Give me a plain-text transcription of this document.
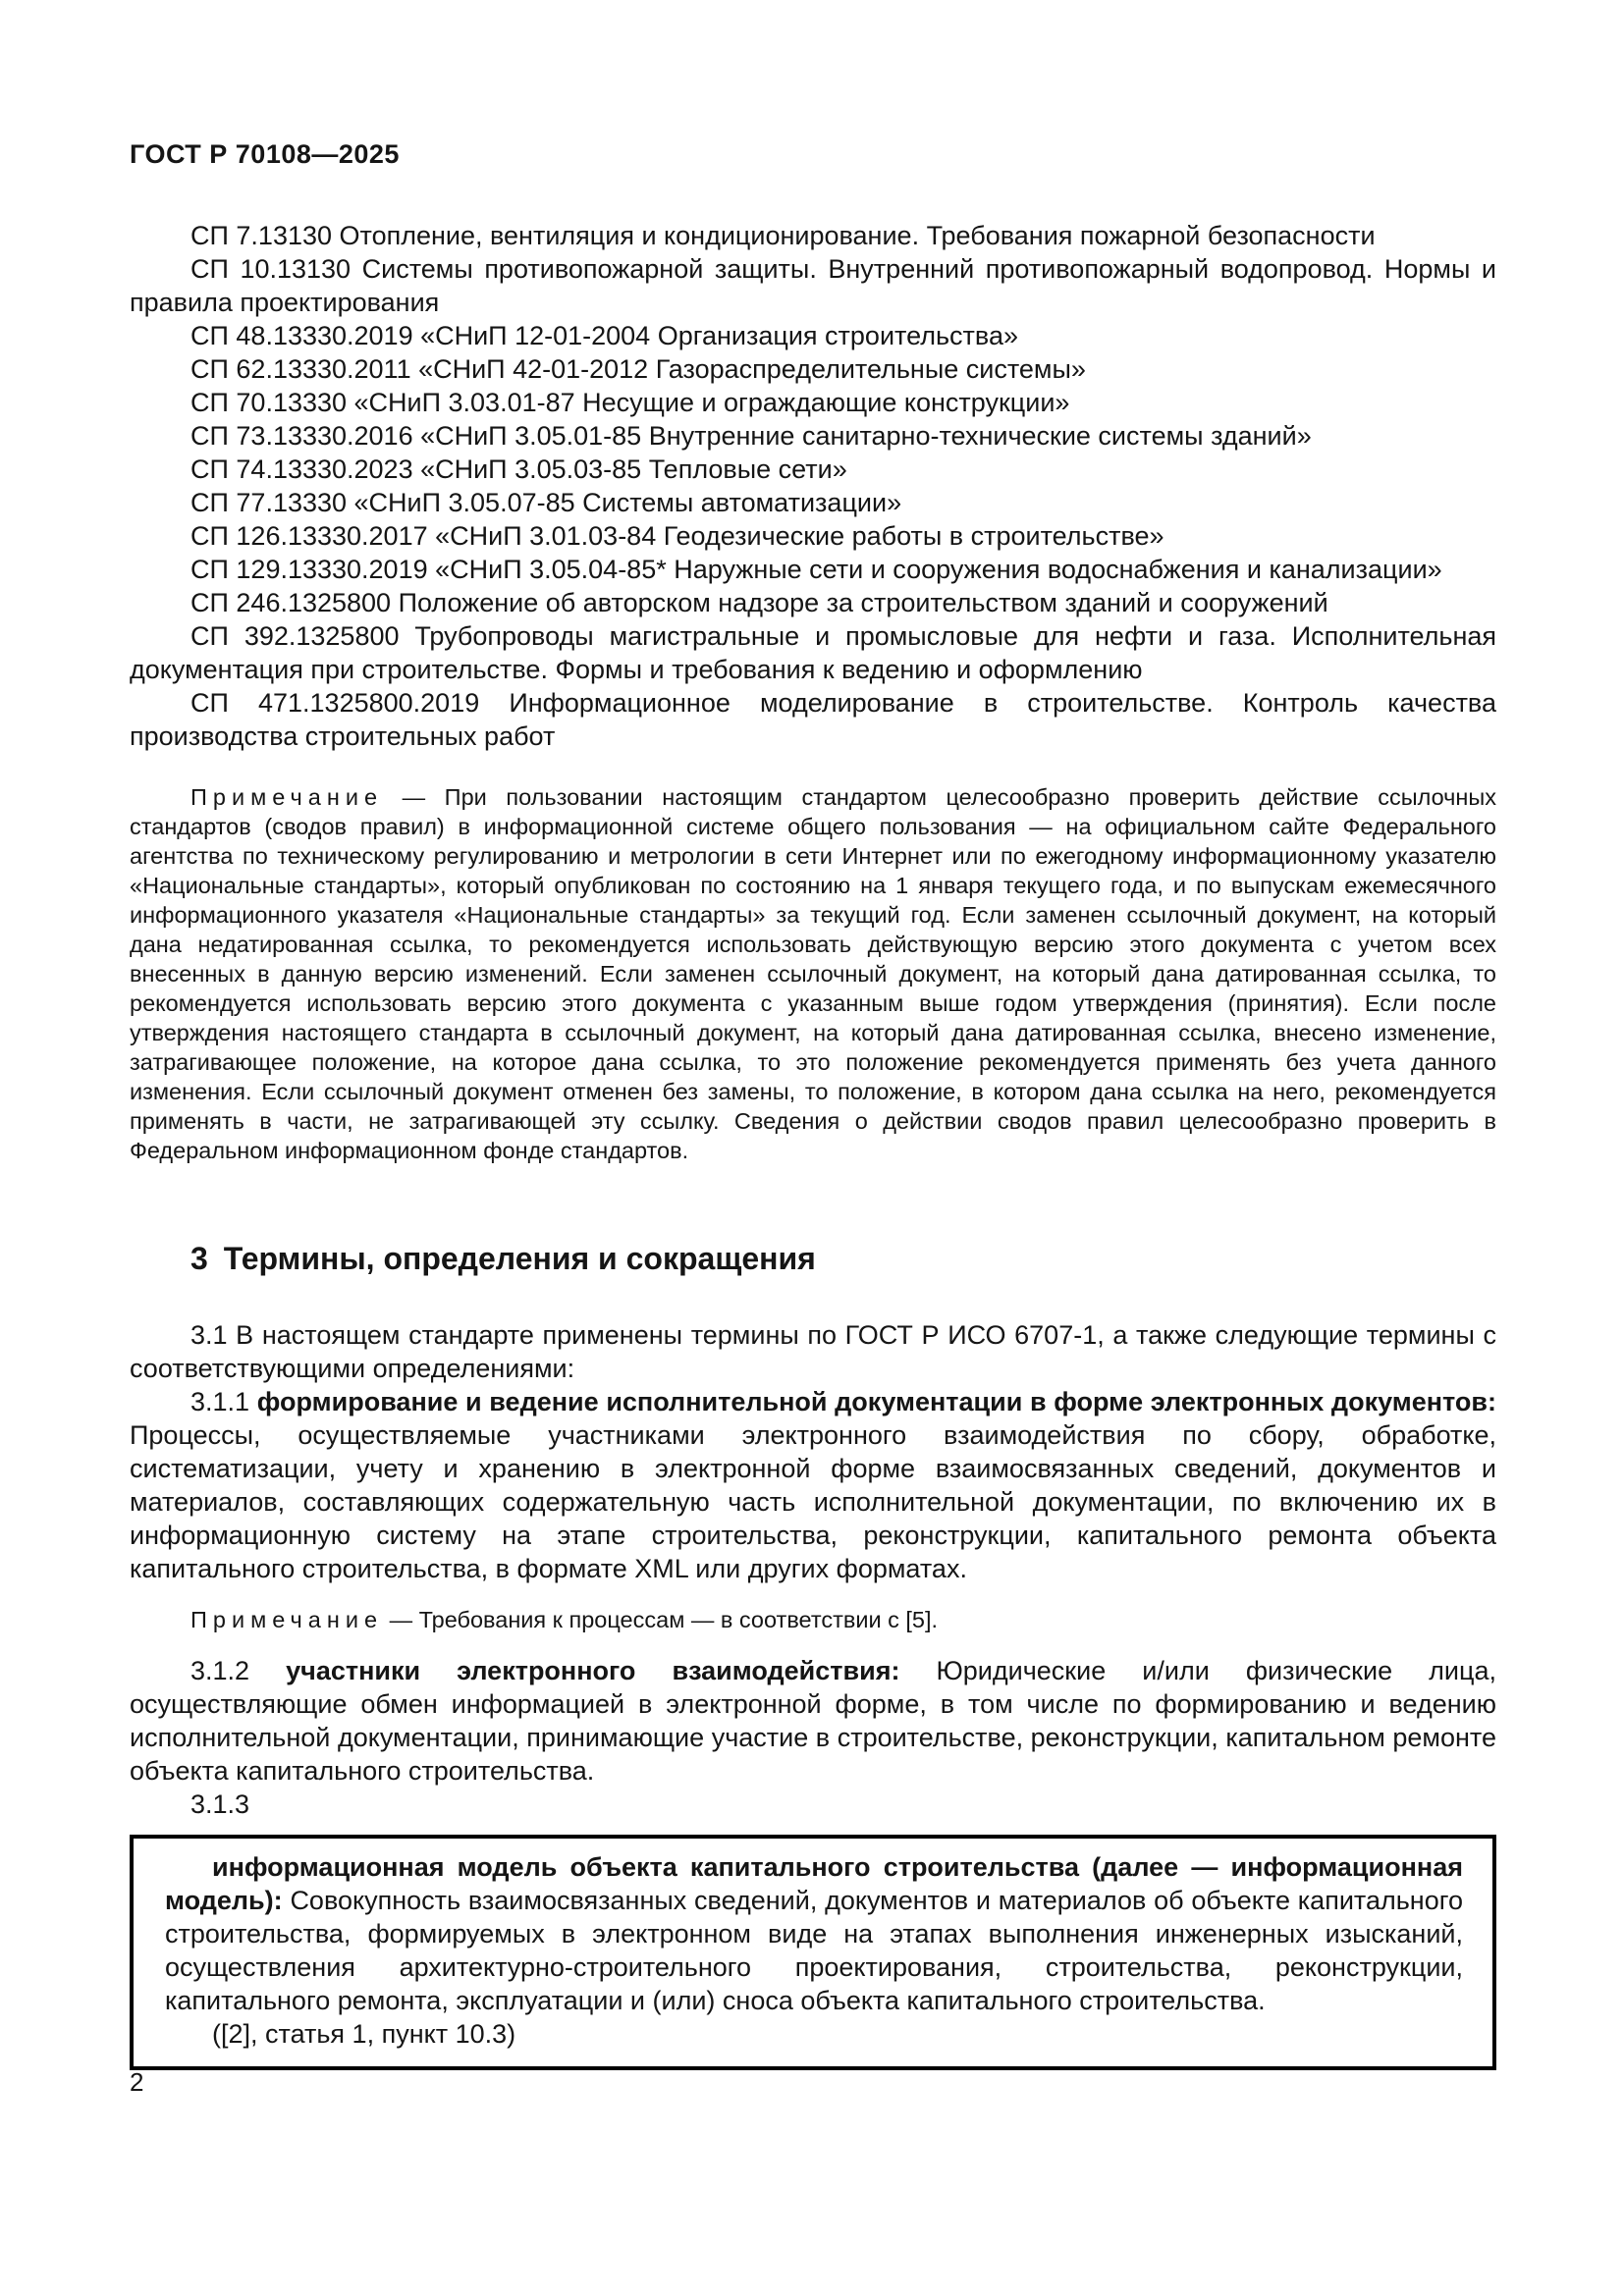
ГОСТ Р 70108—2025

СП 7.13130 Отопление, вентиляция и кондиционирование. Требования пожарной безопасности

СП 10.13130 Системы противопожарной защиты. Внутренний противопожарный водопровод. Нормы и правила проектирования

СП 48.13330.2019 «СНиП 12-01-2004 Организация строительства»

СП 62.13330.2011 «СНиП 42-01-2012 Газораспределительные системы»

СП 70.13330 «СНиП 3.03.01-87 Несущие и ограждающие конструкции»

СП 73.13330.2016 «СНиП 3.05.01-85 Внутренние санитарно-технические системы зданий»

СП 74.13330.2023 «СНиП 3.05.03-85 Тепловые сети»

СП 77.13330 «СНиП 3.05.07-85 Системы автоматизации»

СП 126.13330.2017 «СНиП 3.01.03-84 Геодезические работы в строительстве»

СП 129.13330.2019 «СНиП 3.05.04-85* Наружные сети и сооружения водоснабжения и канализации»

СП 246.1325800 Положение об авторском надзоре за строительством зданий и сооружений

СП 392.1325800 Трубопроводы магистральные и промысловые для нефти и газа. Исполнительная документация при строительстве. Формы и требования к ведению и оформлению

СП 471.1325800.2019 Информационное моделирование в строительстве. Контроль качества производства строительных работ

Примечание — При пользовании настоящим стандартом целесообразно проверить действие ссылочных стандартов (сводов правил) в информационной системе общего пользования — на официальном сайте Федерального агентства по техническому регулированию и метрологии в сети Интернет или по ежегодному информационному указателю «Национальные стандарты», который опубликован по состоянию на 1 января текущего года, и по выпускам ежемесячного информационного указателя «Национальные стандарты» за текущий год. Если заменен ссылочный документ, на который дана недатированная ссылка, то рекомендуется использовать действующую версию этого документа с учетом всех внесенных в данную версию изменений. Если заменен ссылочный документ, на который дана датированная ссылка, то рекомендуется использовать версию этого документа с указанным выше годом утверждения (принятия). Если после утверждения настоящего стандарта в ссылочный документ, на который дана датированная ссылка, внесено изменение, затрагивающее положение, на которое дана ссылка, то это положение рекомендуется применять без учета данного изменения. Если ссылочный документ отменен без замены, то положение, в котором дана ссылка на него, рекомендуется применять в части, не затрагивающей эту ссылку. Сведения о действии сводов правил целесообразно проверить в Федеральном информационном фонде стандартов.

3 Термины, определения и сокращения

3.1 В настоящем стандарте применены термины по ГОСТ Р ИСО 6707-1, а также следующие термины с соответствующими определениями:

3.1.1 формирование и ведение исполнительной документации в форме электронных документов: Процессы, осуществляемые участниками электронного взаимодействия по сбору, обработке, систематизации, учету и хранению в электронной форме взаимосвязанных сведений, документов и материалов, составляющих содержательную часть исполнительной документации, по включению их в информационную систему на этапе строительства, реконструкции, капитального ремонта объекта капитального строительства, в формате XML или других форматах.

Примечание — Требования к процессам — в соответствии с [5].

3.1.2 участники электронного взаимодействия: Юридические и/или физические лица, осуществляющие обмен информацией в электронной форме, в том числе по формированию и ведению исполнительной документации, принимающие участие в строительстве, реконструкции, капитальном ремонте объекта капитального строительства.

3.1.3

информационная модель объекта капитального строительства (далее — информационная модель): Совокупность взаимосвязанных сведений, документов и материалов об объекте капитального строительства, формируемых в электронном виде на этапах выполнения инженерных изысканий, осуществления архитектурно-строительного проектирования, строительства, реконструкции, капитального ремонта, эксплуатации и (или) сноса объекта капитального строительства.

([2], статья 1, пункт 10.3)

2
